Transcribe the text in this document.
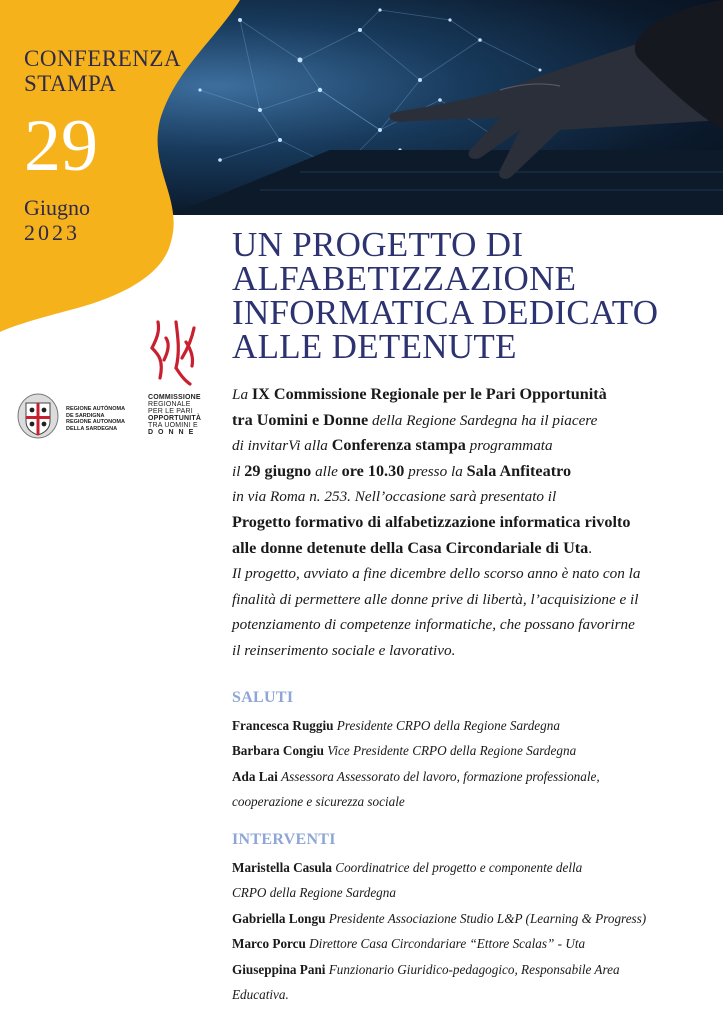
CONFERENZA
STAMPA
29
Giugno
2023	UN PROGETTO DI
ALFABETIZZAZIONE
INFORMATICA DEDICATO
ALLE DETENUTE
COMMISSIONE
REGIONALE
PER LE PARI
OPPORTUNITÀ
TRA UOMINI E
DONNE
REGIONE AUTÒNOMA
DE SARDIGNA
REGIONE AUTONOMA
DELLA SARDEGNA
La IX Commissione Regionale per le Pari Opportunità
tra Uomini e Donne della Regione Sardegna ha il piacere
di invitarVi alla Conferenza stampa programmata
il 29 giugno alle ore 10.30 presso la Sala Anfiteatro
in via Roma n. 253. Nell’occasione sarà presentato il
Progetto formativo di alfabetizzazione informatica rivolto
alle donne detenute della Casa Circondariale di Uta.
Il progetto, avviato a fine dicembre dello scorso anno è nato con la
finalità di permettere alle donne prive di libertà, l’acquisizione e il
potenziamento di competenze informatiche, che possano favorirne
il reinserimento sociale e lavorativo.
SALUTI
Francesca Ruggiu Presidente CRPO della Regione Sardegna
Barbara Congiu Vice Presidente CRPO della Regione Sardegna
Ada Lai Assessora Assessorato del lavoro, formazione professionale,
cooperazione e sicurezza sociale
INTERVENTI
Maristella Casula Coordinatrice del progetto e componente della
CRPO della Regione Sardegna
Gabriella Longu Presidente Associazione Studio L&P (Learning & Progress)
Marco Porcu Direttore Casa Circondariare “Ettore Scalas” - Uta
Giuseppina Pani Funzionario Giuridico-pedagogico, Responsabile Area
Educativa.
